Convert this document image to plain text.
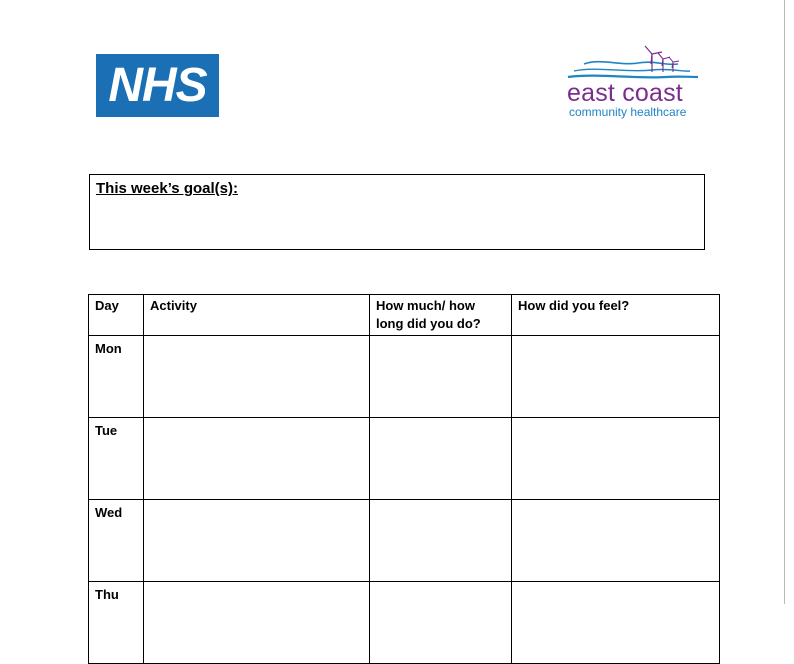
NHS	east coast
community healthcare
This week’s goal(s):
Day	Activity	How much/ how long did you do?	How did you feel?
Mon			
Tue			
Wed			
Thu			
